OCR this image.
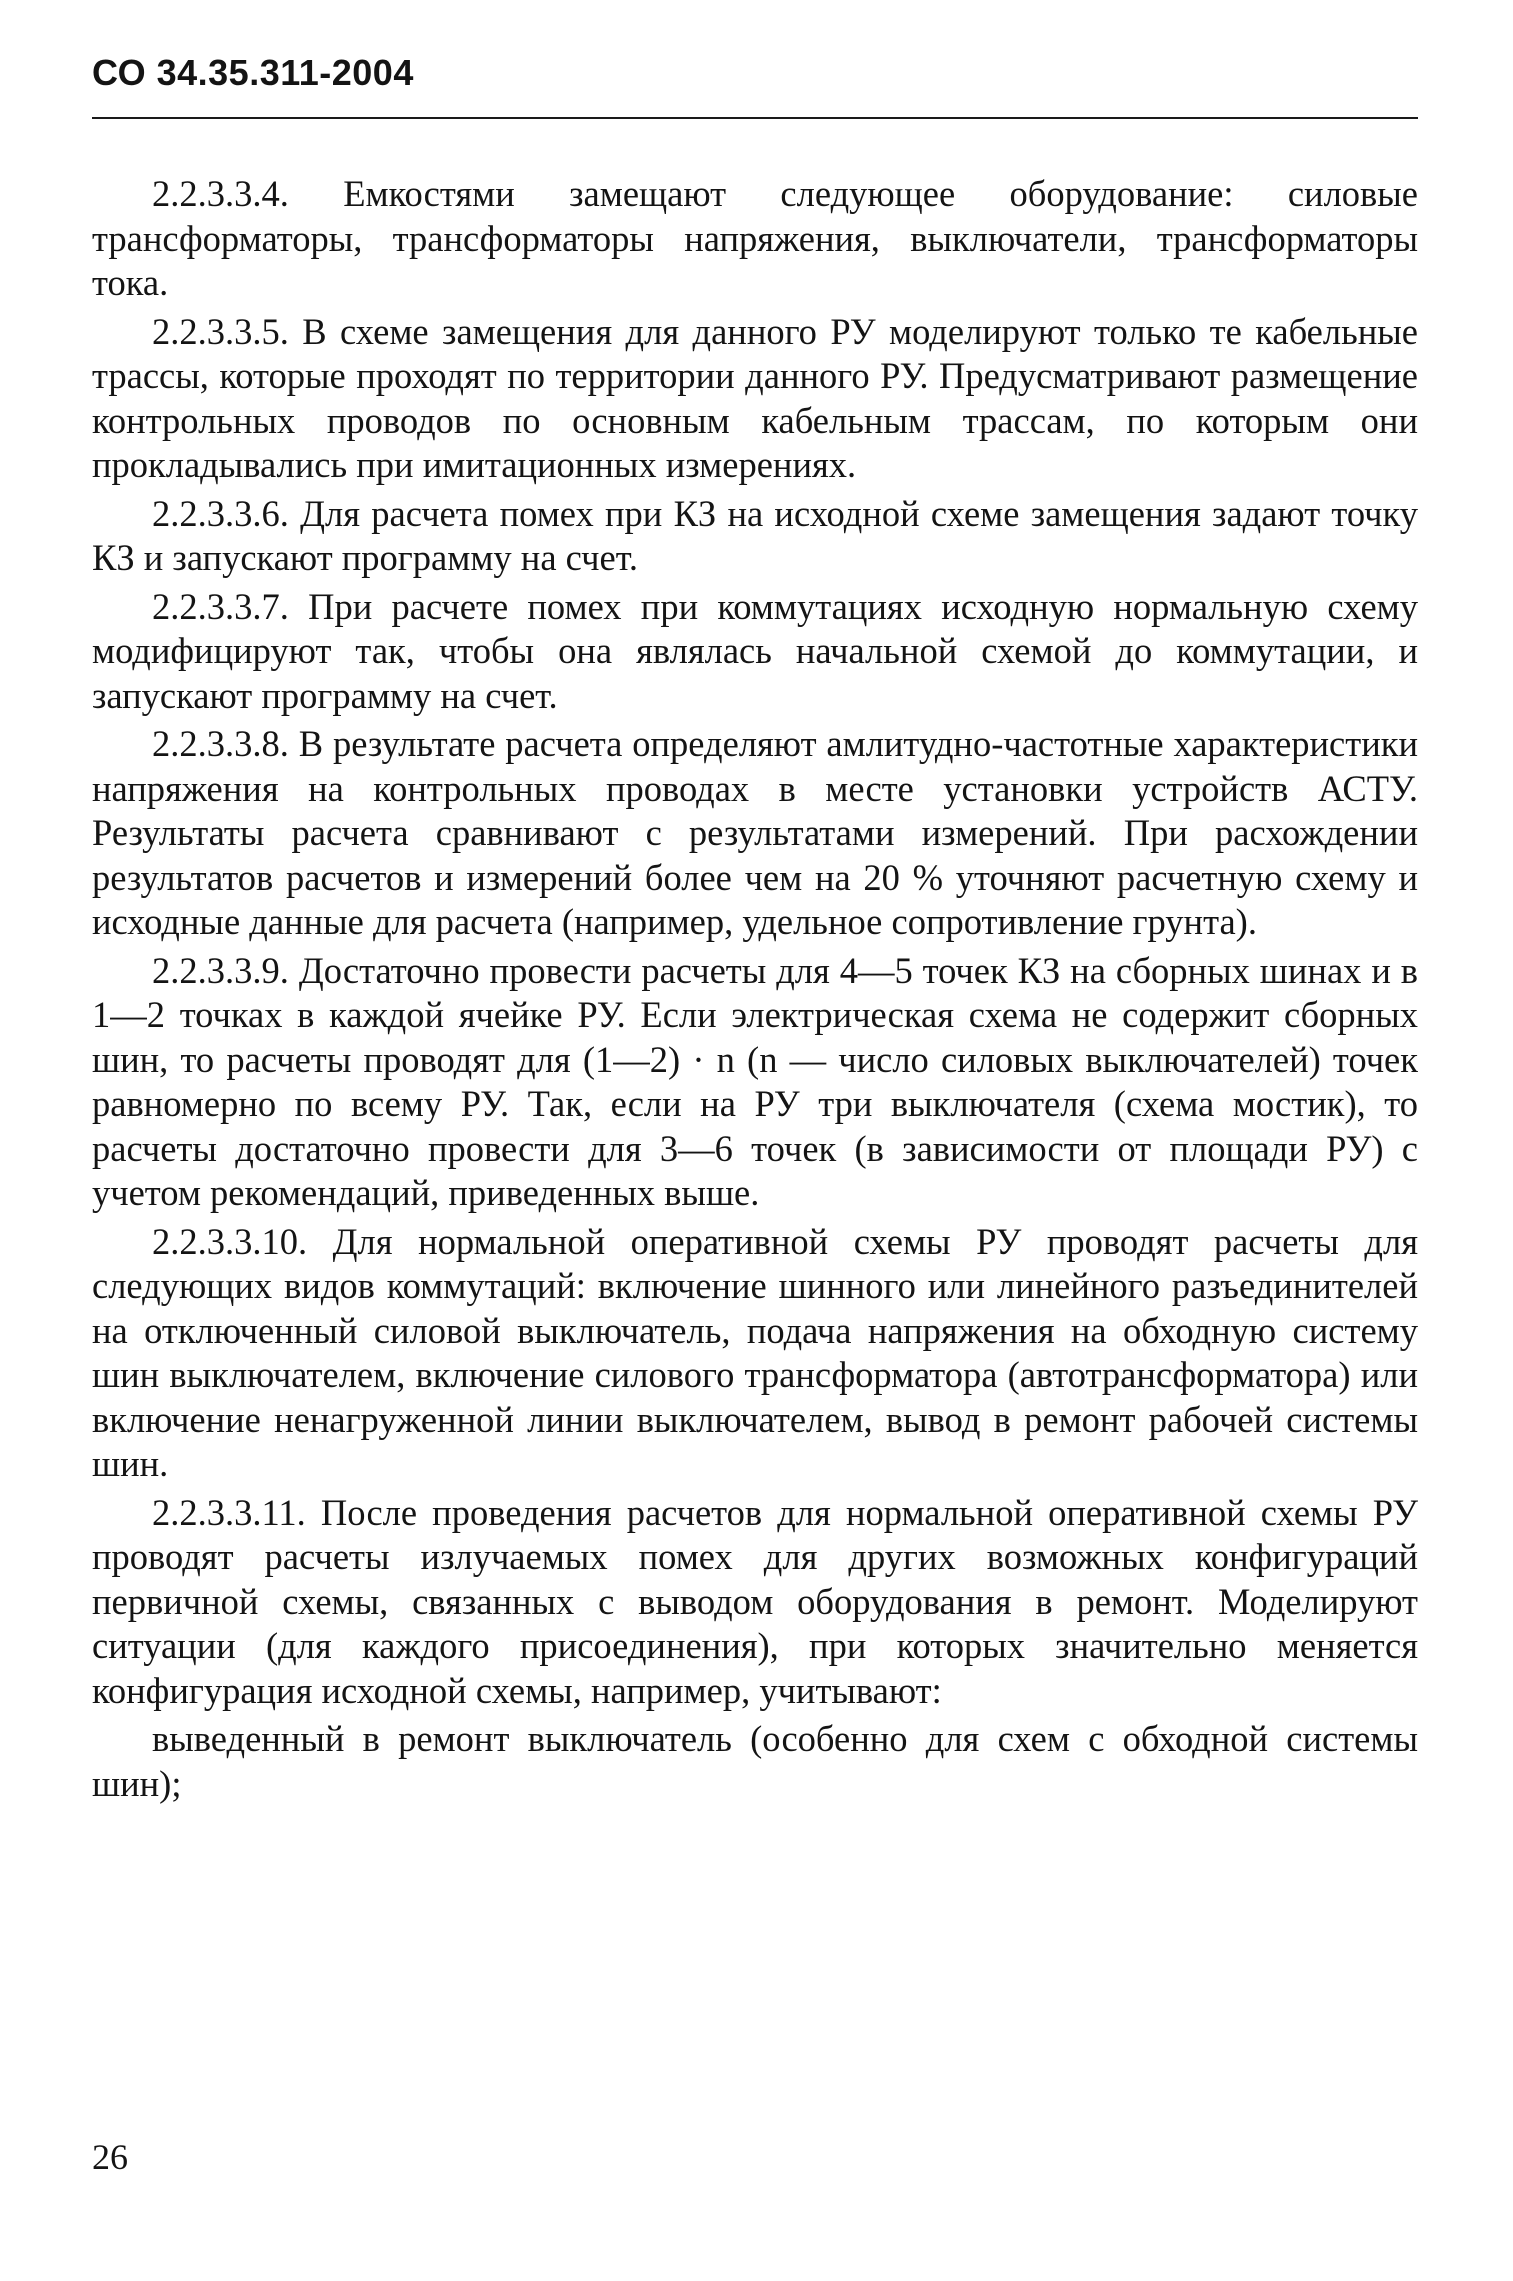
СО 34.35.311-2004

2.2.3.3.4. Емкостями замещают следующее оборудование: силовые трансформаторы, трансформаторы напряжения, выключатели, трансформаторы тока.

2.2.3.3.5. В схеме замещения для данного РУ моделируют только те кабельные трассы, которые проходят по территории данного РУ. Предусматривают размещение контрольных проводов по основным кабельным трассам, по которым они прокладывались при имитационных измерениях.

2.2.3.3.6. Для расчета помех при КЗ на исходной схеме замещения задают точку КЗ и запускают программу на счет.

2.2.3.3.7. При расчете помех при коммутациях исходную нормальную схему модифицируют так, чтобы она являлась начальной схемой до коммутации, и запускают программу на счет.

2.2.3.3.8. В результате расчета определяют амлитудно-частотные характеристики напряжения на контрольных проводах в месте установки устройств АСТУ. Результаты расчета сравнивают с результатами измерений. При расхождении результатов расчетов и измерений более чем на 20 % уточняют расчетную схему и исходные данные для расчета (например, удельное сопротивление грунта).

2.2.3.3.9. Достаточно провести расчеты для 4—5 точек КЗ на сборных шинах и в 1—2 точках в каждой ячейке РУ. Если электрическая схема не содержит сборных шин, то расчеты проводят для (1—2) · n (n — число силовых выключателей) точек равномерно по всему РУ. Так, если на РУ три выключателя (схема мостик), то расчеты достаточно провести для 3—6 точек (в зависимости от площади РУ) с учетом рекомендаций, приведенных выше.

2.2.3.3.10. Для нормальной оперативной схемы РУ проводят расчеты для следующих видов коммутаций: включение шинного или линейного разъединителей на отключенный силовой выключатель, подача напряжения на обходную систему шин выключателем, включение силового трансформатора (автотрансформатора) или включение ненагруженной линии выключателем, вывод в ремонт рабочей системы шин.

2.2.3.3.11. После проведения расчетов для нормальной оперативной схемы РУ проводят расчеты излучаемых помех для других возможных конфигураций первичной схемы, связанных с выводом оборудования в ремонт. Моделируют ситуации (для каждого присоединения), при которых значительно меняется конфигурация исходной схемы, например, учитывают:

выведенный в ремонт выключатель (особенно для схем с обходной системы шин);

26
